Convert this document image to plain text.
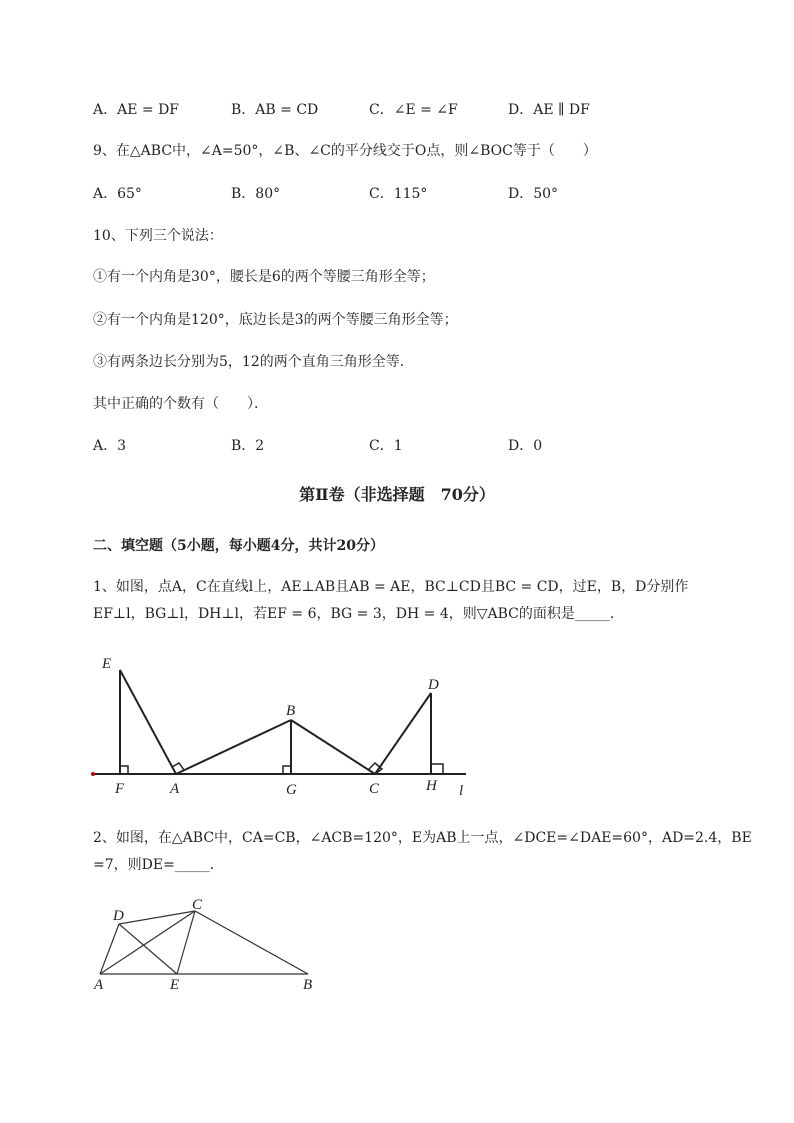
A．AE = DF	B．AB = CD	C．∠E = ∠F	D．AE ∥ DF
9、在△ABC中，∠A=50°，∠B、∠C的平分线交于O点，则∠BOC等于（　　）
A．65°	B．80°	C．115°	D．50°
10、下列三个说法：
①有一个内角是30°，腰长是6的两个等腰三角形全等；
②有一个内角是120°，底边长是3的两个等腰三角形全等；
③有两条边长分别为5，12的两个直角三角形全等．
其中正确的个数有（　　）．
A．3	B．2	C．1	D．0
第Ⅱ卷（非选择题　70分）
二、填空题（5小题，每小题4分，共计20分）
1、如图，点A，C在直线l上，AE⊥AB且AB = AE，BC⊥CD且BC = CD，过E，B，D分别作
EF⊥l，BG⊥l，DH⊥l，若EF = 6，BG = 3，DH = 4，则▽ABC的面积是_____．
E
F	A
B
G	C
D
H l
2、如图，在△ABC中，CA=CB，∠ACB=120°，E为AB上一点，∠DCE=∠DAE=60°，AD=2.4，BE
=7，则DE=_____．
D
C
A	E	B
